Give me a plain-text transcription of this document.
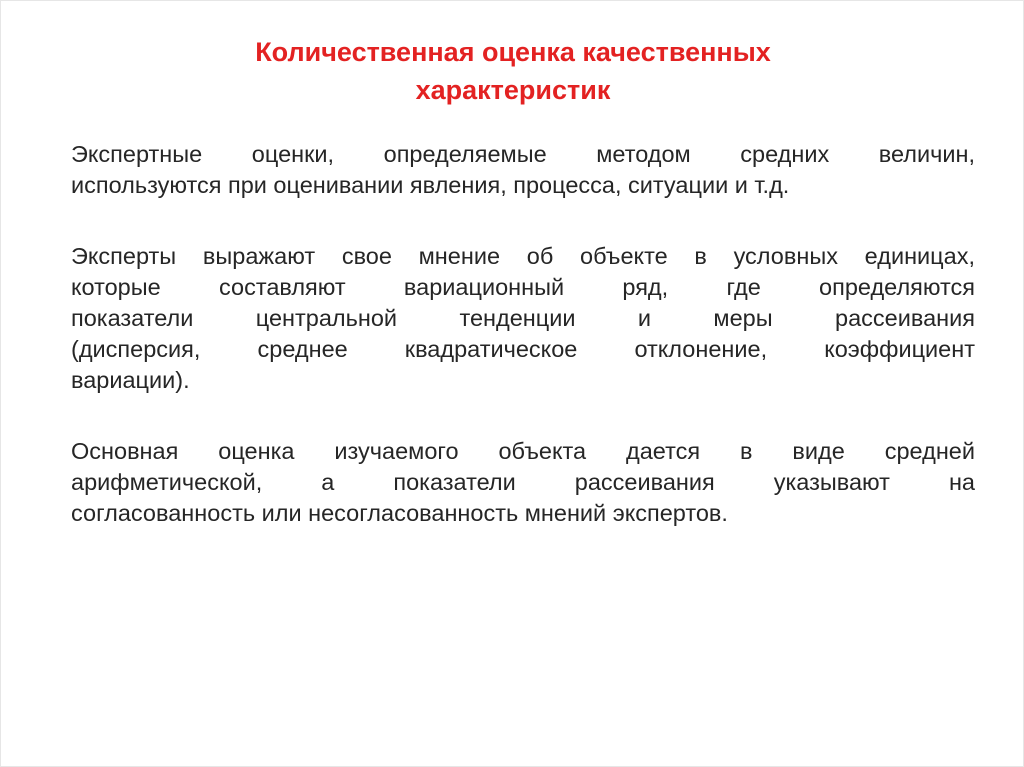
Количественная оценка качественных
характеристик

Экспертные оценки, определяемые методом средних величин,
используются при оценивании явления, процесса, ситуации и т.д.

Эксперты выражают свое мнение об объекте в условных единицах,
которые составляют вариационный ряд, где определяются
показатели центральной тенденции и меры рассеивания
(дисперсия, среднее квадратическое отклонение, коэффициент
вариации).

Основная оценка изучаемого объекта дается в виде средней
арифметической, а показатели рассеивания указывают на
согласованность или несогласованность мнений экспертов.
